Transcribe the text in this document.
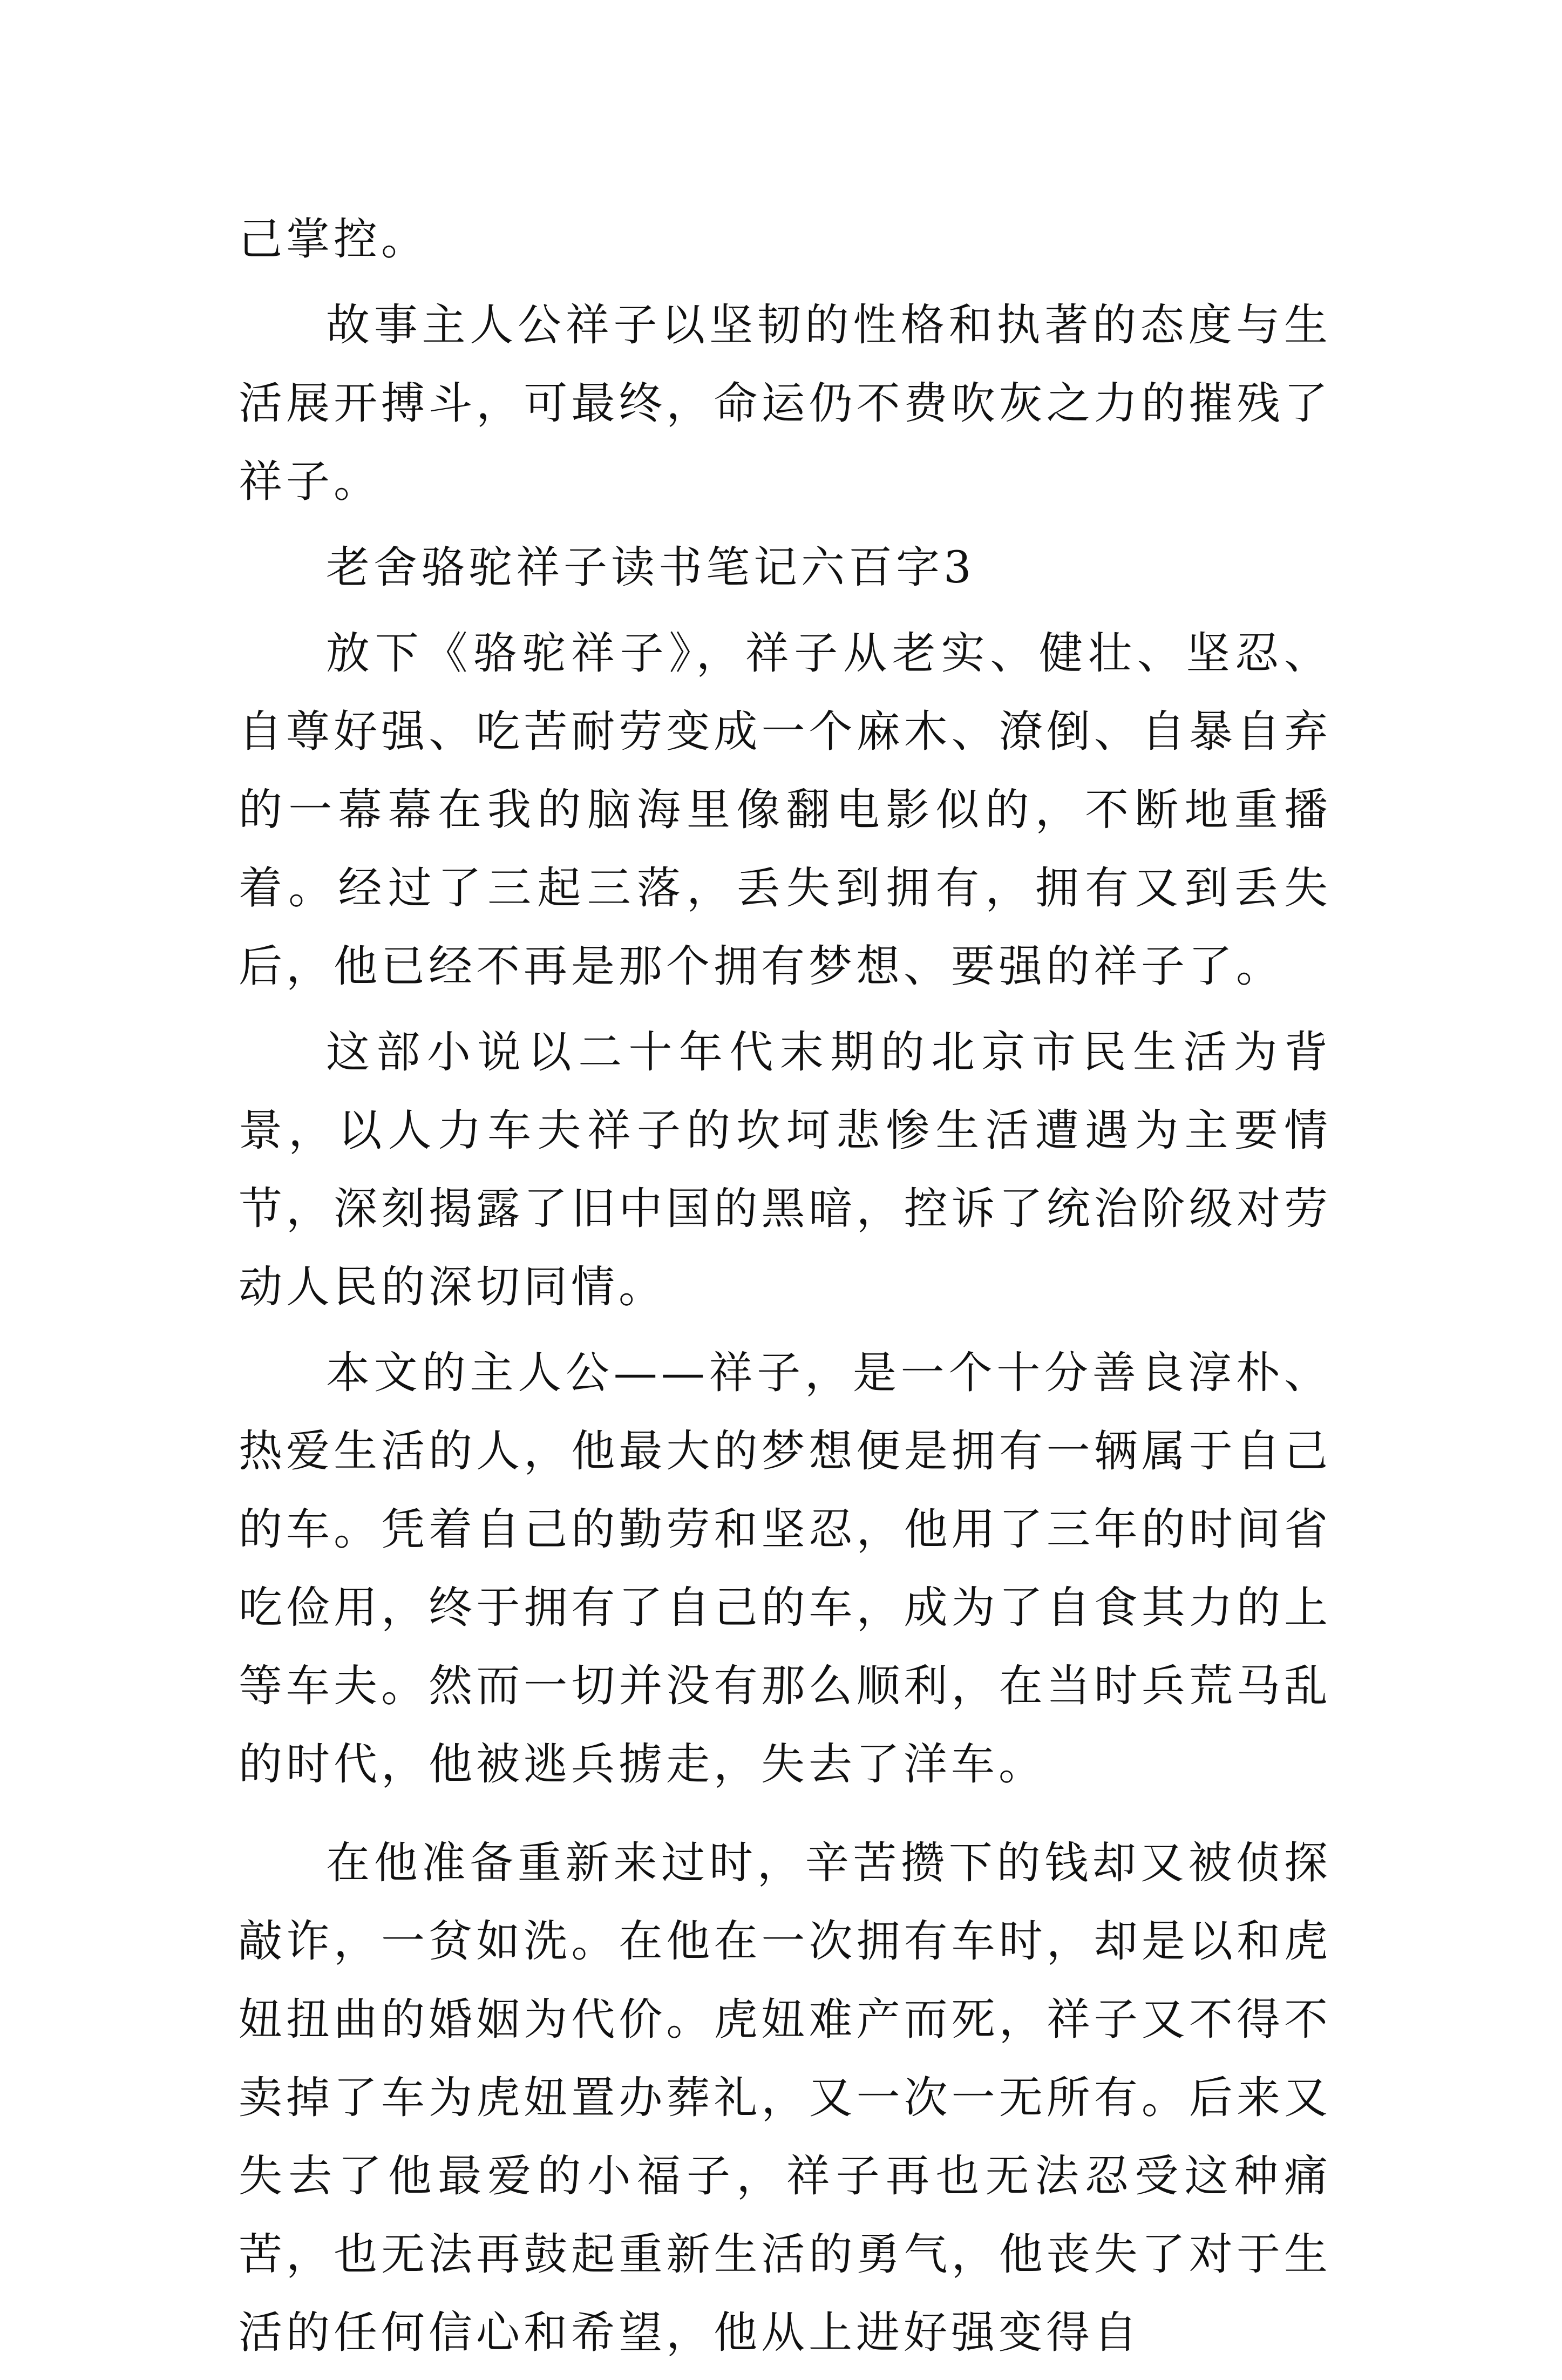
己掌控。

故事主人公祥子以坚韧的性格和执著的态度与生活展开搏斗，可最终，命运仍不费吹灰之力的摧残了祥子。

老舍骆驼祥子读书笔记六百字3

放下《骆驼祥子》，祥子从老实、健壮、坚忍、自尊好强、吃苦耐劳变成一个麻木、潦倒、自暴自弃的一幕幕在我的脑海里像翻电影似的，不断地重播着。经过了三起三落，丢失到拥有，拥有又到丢失后，他已经不再是那个拥有梦想、要强的祥子了。

这部小说以二十年代末期的北京市民生活为背景，以人力车夫祥子的坎坷悲惨生活遭遇为主要情节，深刻揭露了旧中国的黑暗，控诉了统治阶级对劳动人民的深切同情。

本文的主人公——祥子，是一个十分善良淳朴、热爱生活的人，他最大的梦想便是拥有一辆属于自己的车。凭着自己的勤劳和坚忍，他用了三年的时间省吃俭用，终于拥有了自己的车，成为了自食其力的上等车夫。然而一切并没有那么顺利，在当时兵荒马乱的时代，他被逃兵掳走，失去了洋车。

在他准备重新来过时，辛苦攒下的钱却又被侦探敲诈，一贫如洗。在他在一次拥有车时，却是以和虎妞扭曲的婚姻为代价。虎妞难产而死，祥子又不得不卖掉了车为虎妞置办葬礼，又一次一无所有。后来又失去了他最爱的小福子，祥子再也无法忍受这种痛苦，也无法再鼓起重新生活的勇气，他丧失了对于生活的任何信心和希望，他从上进好强变得自
